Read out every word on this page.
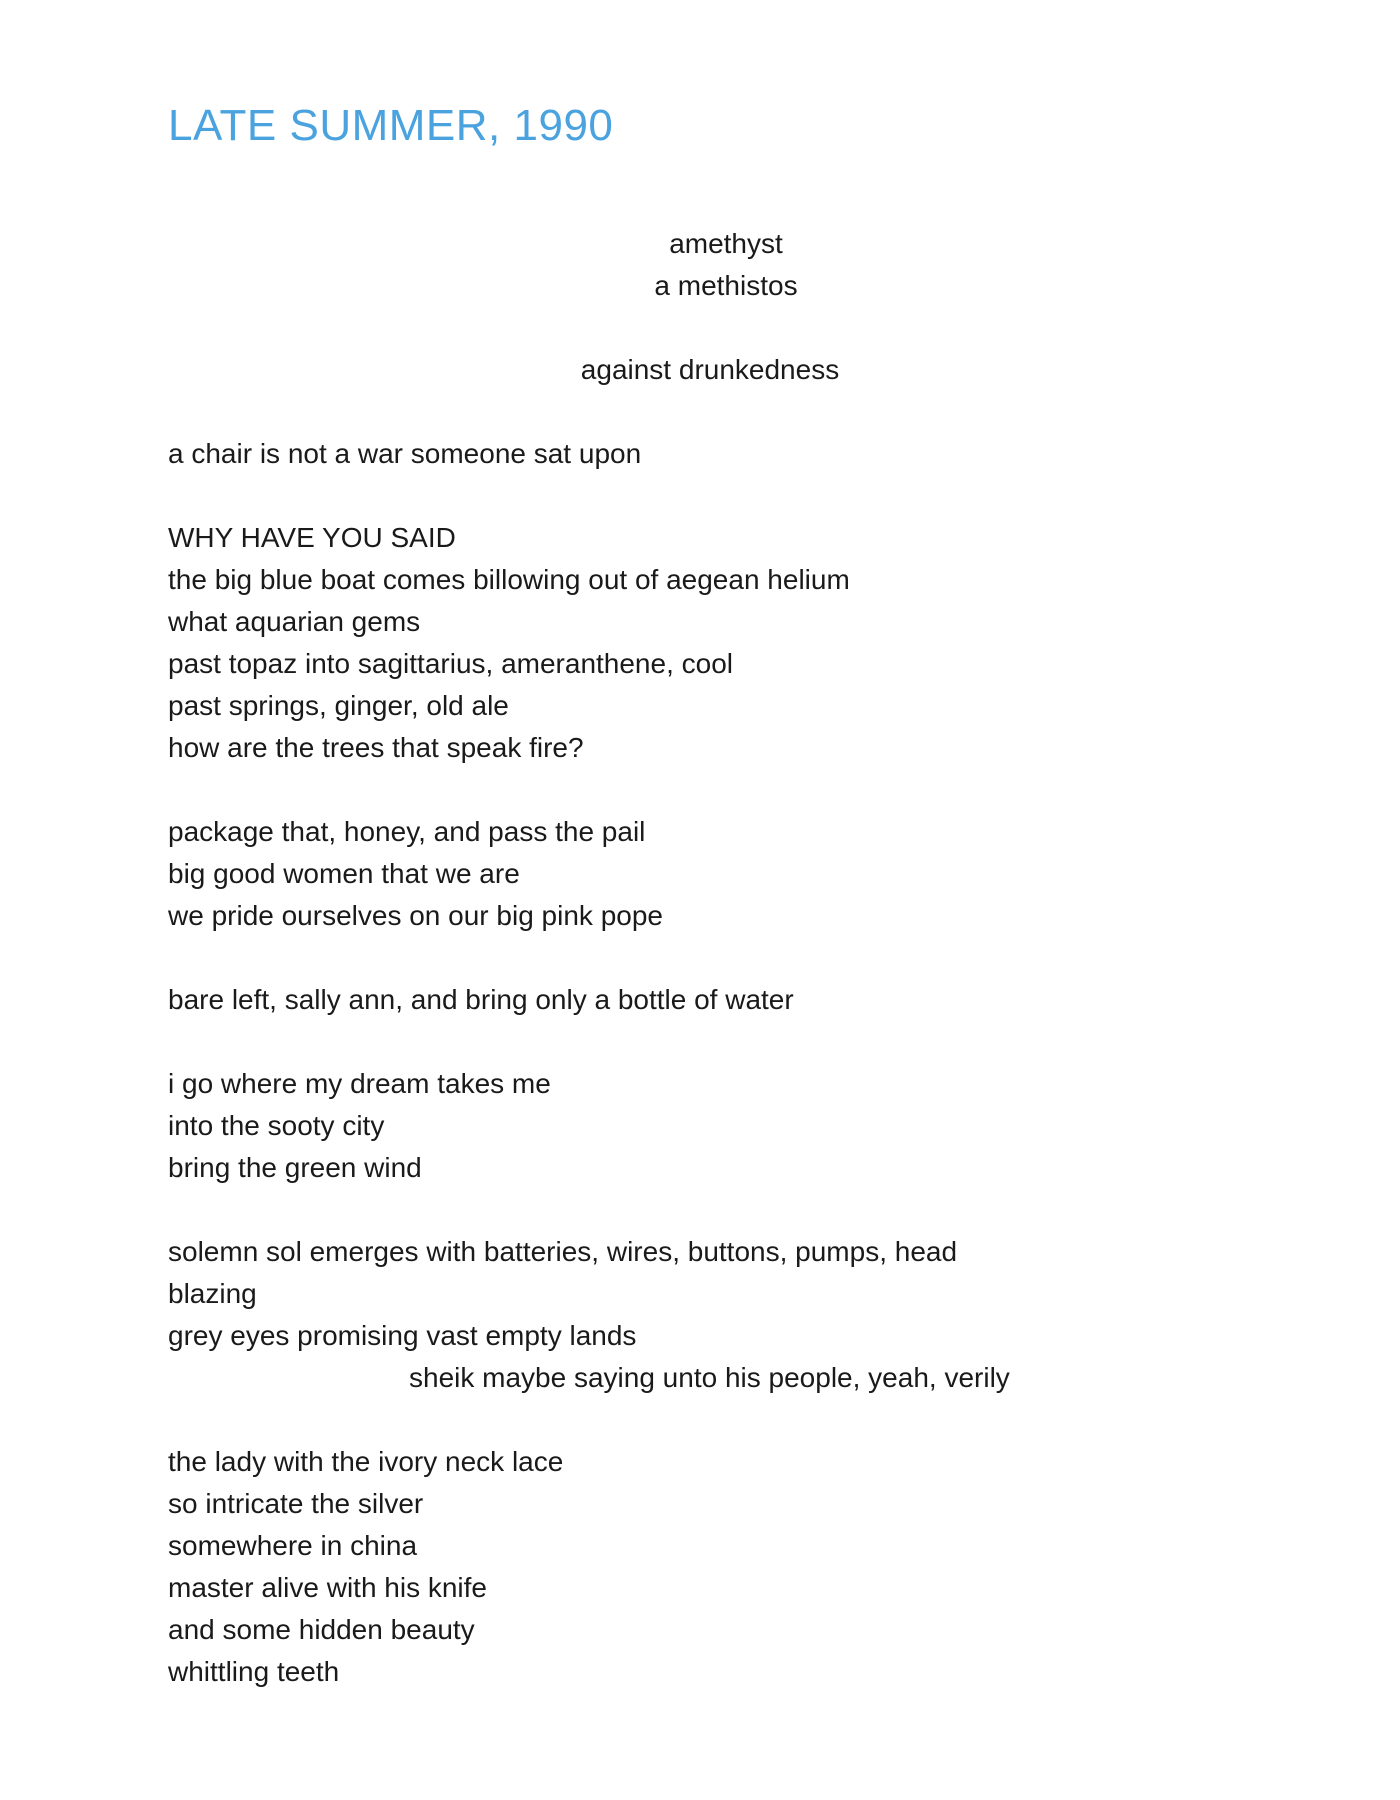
LATE SUMMER, 1990
amethyst
a methistos
against drunkedness
a chair is not a war someone sat upon
WHY HAVE YOU SAID
the big blue boat comes billowing out of aegean helium
what aquarian gems
past topaz into sagittarius, ameranthene, cool
past springs, ginger, old ale
how are the trees that speak fire?
package that, honey, and pass the pail
big good women that we are
we pride ourselves on our big pink pope
bare left, sally ann, and bring only a bottle of water
i go where my dream takes me
into the sooty city
bring the green wind
solemn sol emerges with batteries, wires, buttons, pumps, head
blazing
grey eyes promising vast empty lands
sheik maybe saying unto his people, yeah, verily
the lady with the ivory neck lace
so intricate the silver
somewhere in china
master alive with his knife
and some hidden beauty
whittling teeth
